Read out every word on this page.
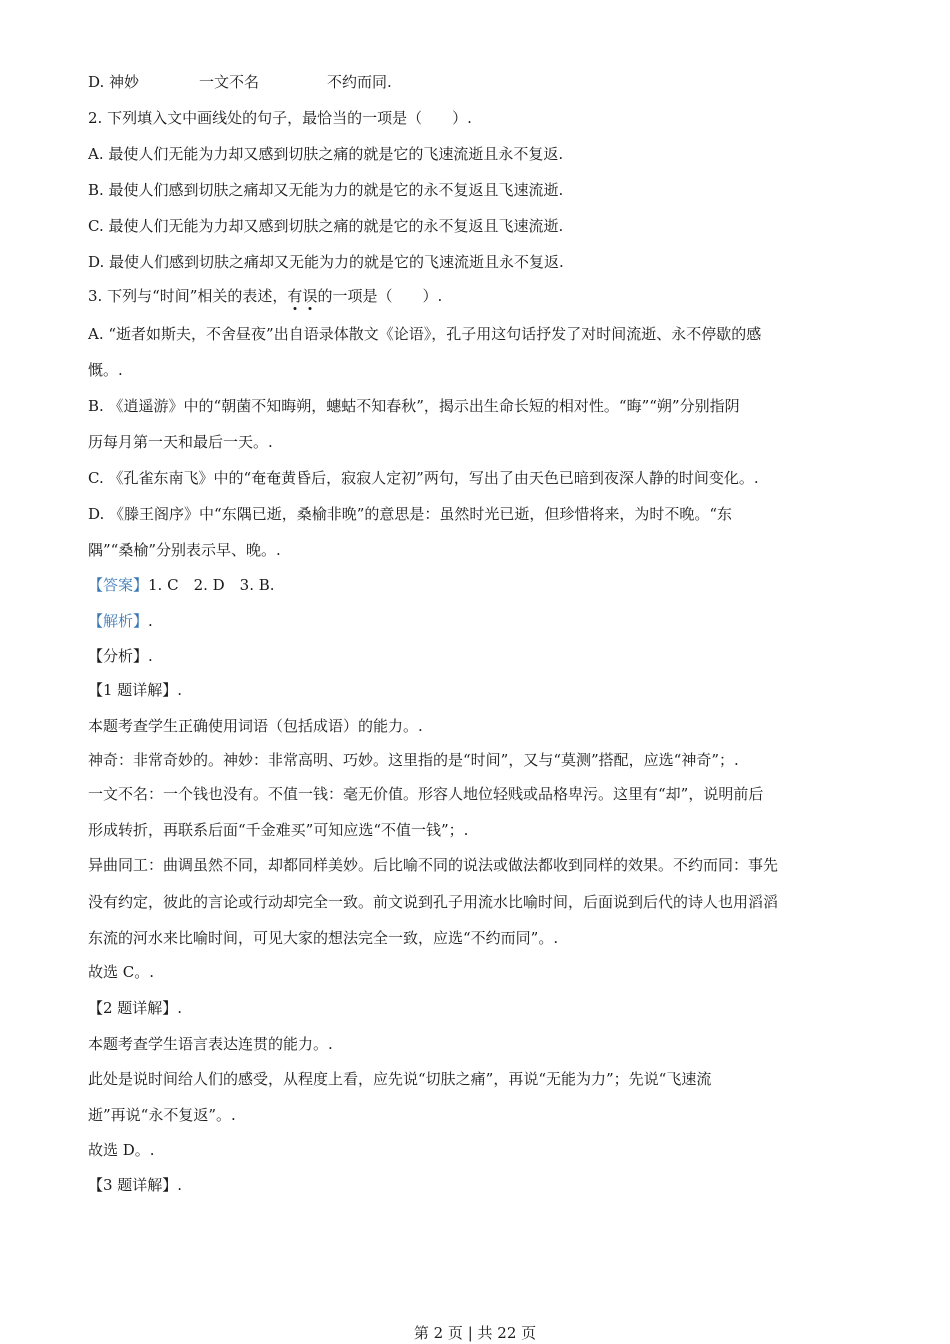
D. 神妙	一文不名	不约而同.
2. 下列填入文中画线处的句子，最恰当的一项是（　　）.
A. 最使人们无能为力却又感到切肤之痛的就是它的飞速流逝且永不复返.
B. 最使人们感到切肤之痛却又无能为力的就是它的永不复返且飞速流逝.
C. 最使人们无能为力却又感到切肤之痛的就是它的永不复返且飞速流逝.
D. 最使人们感到切肤之痛却又无能为力的就是它的飞速流逝且永不复返.
3. 下列与“时间”相关的表述，有误的一项是（　　）.
A. “逝者如斯夫，不舍昼夜”出自语录体散文《论语》，孔子用这句话抒发了对时间流逝、永不停歇的感
慨。.
B. 《逍遥游》中的“朝菌不知晦朔，蟪蛄不知春秋”，揭示出生命长短的相对性。“晦”“朔”分别指阴
历每月第一天和最后一天。.
C. 《孔雀东南飞》中的“奄奄黄昏后，寂寂人定初”两句，写出了由天色已暗到夜深人静的时间变化。.
D. 《滕王阁序》中“东隅已逝，桑榆非晚”的意思是：虽然时光已逝，但珍惜将来，为时不晚。“东
隅”“桑榆”分别表示早、晚。.
【答案】1. C　2. D　3. B.
【解析】.
【分析】.
【1 题详解】.
本题考查学生正确使用词语（包括成语）的能力。.
神奇：非常奇妙的。神妙：非常高明、巧妙。这里指的是“时间”，又与“莫测”搭配，应选“神奇”；.
一文不名：一个钱也没有。不值一钱：毫无价值。形容人地位轻贱或品格卑污。这里有“却”，说明前后
形成转折，再联系后面“千金难买”可知应选“不值一钱”；.
异曲同工：曲调虽然不同，却都同样美妙。后比喻不同的说法或做法都收到同样的效果。不约而同：事先
没有约定，彼此的言论或行动却完全一致。前文说到孔子用流水比喻时间，后面说到后代的诗人也用滔滔
东流的河水来比喻时间，可见大家的想法完全一致，应选“不约而同”。.
故选 C。.
【2 题详解】.
本题考查学生语言表达连贯的能力。.
此处是说时间给人们的感受，从程度上看，应先说“切肤之痛”，再说“无能为力”；先说“飞速流
逝”再说“永不复返”。.
故选 D。.
【3 题详解】.
第 2 页 | 共 22 页
